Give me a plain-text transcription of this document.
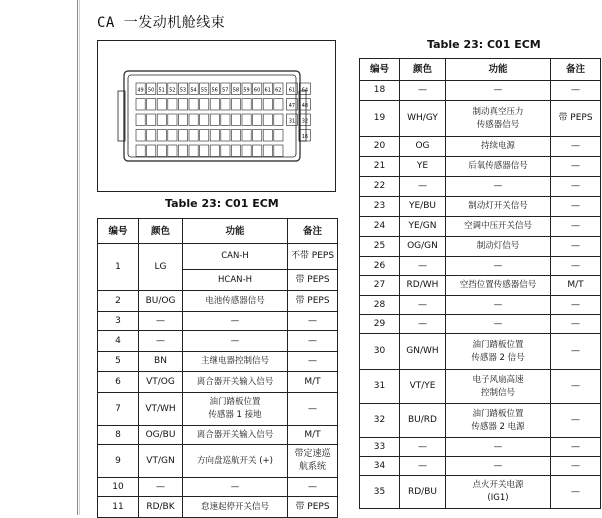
CA 一发动机舱线束
49 50 51 52 53 54 55 56 57 58 59 60 61 62 61
47
31
64
48
32
16
Table 23: C01 ECM
编号	颜色	功能	备注
1	LG	CAN-H	不带 PEPS
		HCAN-H	带 PEPS
2	BU/OG	电池传感器信号	带 PEPS
3	—	—	—
4	—	—	—
5	BN	主继电器控制信号	—
6	VT/OG	离合器开关输入信号	M/T
7	VT/WH	油门踏板位置
传感器 1 接地	—
8	OG/BU	离合器开关输入信号	M/T
9	VT/GN	方向盘巡航开关 (+)	带定速巡
航系统
10	—	—	—
11	RD/BK	怠速起停开关信号	带 PEPS
Table 23: C01 ECM
编号	颜色	功能	备注
18	—	—	—
19	WH/GY	制动真空压力
传感器信号	带 PEPS
20	OG	持续电源	—
21	YE	后氧传感器信号	—
22	—	—	—
23	YE/BU	制动灯开关信号	—
24	YE/GN	空调中压开关信号	—
25	OG/GN	制动灯信号	—
26	—	—	—
27	RD/WH	空挡位置传感器信号	M/T
28	—	—	—
29	—	—	—
30	GN/WH	油门踏板位置
传感器 2 信号	—
31	VT/YE	电子风扇高速
控制信号	—
32	BU/RD	油门踏板位置
传感器 2 电源	—
33	—	—	—
34	—	—	—
35	RD/BU	点火开关电源
(IG1)	—
